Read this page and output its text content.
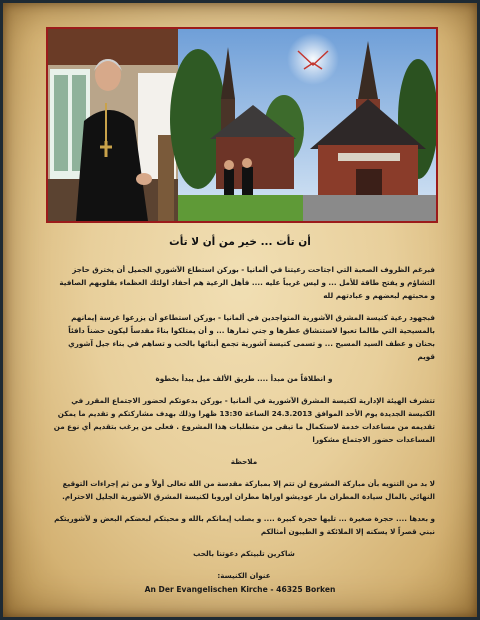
أن تأت ... خير من أن لا تأت

فبرغم الظروف الصعبة التي اجتاحت رعيتنا في ألمانيا - بوركن استطاع الآشوري الجميل أن يخترق حاجز التشاؤم و يفتح طاقة للأمل ... و ليس غريباً عليه .... فأهل الرعية هم أحفاد اولئك العظماء بقلوبهم الصافية و محبتهم لبعضهم و عبادتهم لله

فبجهود رعية كنيسة المشرق الآشورية المتواجدين في ألمانيا - بوركن استطاعو أن يزرعوا غرسة إيمانهم بالمسيحية التي طالما تعبوا لاستنشاق عطرها و جني ثمارها ... و أن يمتلكوا بناءً مقدساً ليكون حضناً دافئاً بحنان و عطف السيد المسيح ... و تسمى كنيسة آشورية تجمع أبنائها بالحب و تساهم في بناء جيل آشوري قويم

و انطلاقاً من مبدأ .... طريق الألف ميل يبدأ بخطوة

تتشرف الهيئة الإدارية لكنيسة المشرق الآشورية في ألمانيا - بوركن بدعوتكم لحضور الاجتماع المقرر في الكنيسة الجديدة يوم الأحد الموافق 24.3.2013 الساعة 13:30 ظهرا وذلك بهدف مشاركتكم و تقديم ما يمكن تقديمه من مساعدات خدمة لاستكمال ما تبقى من متطلبات هذا المشروع . فعلى من يرغب بتقديم أي نوع من المساعدات حضور الاجتماع مشكورا

ملاحظة

لا بد من التنويه بأن مباركة المشروع لن تتم إلا بمباركة مقدسة من الله تعالى أولاً و من ثم إجراءات التوقيع النهائي بالمال سيادة المطران مار عوديشو اوراها مطران اوروبا لكنيسة المشرق الآشورية الجليل الاحترام.

و بعدها .... حجرة صغيرة ... تليها حجرة كبيرة .... و بصلب إيمانكم بالله و محبتكم لبعضكم البعض و لآشوريتكم نبني قصراً لا يسكنه إلا الملائكة و الطيبون أمثالكم

شاكرين تلبيتكم دعوتنا بالحب

عنوان الكنيسة:

An Der Evangelischen Kirche - 46325 Borken
